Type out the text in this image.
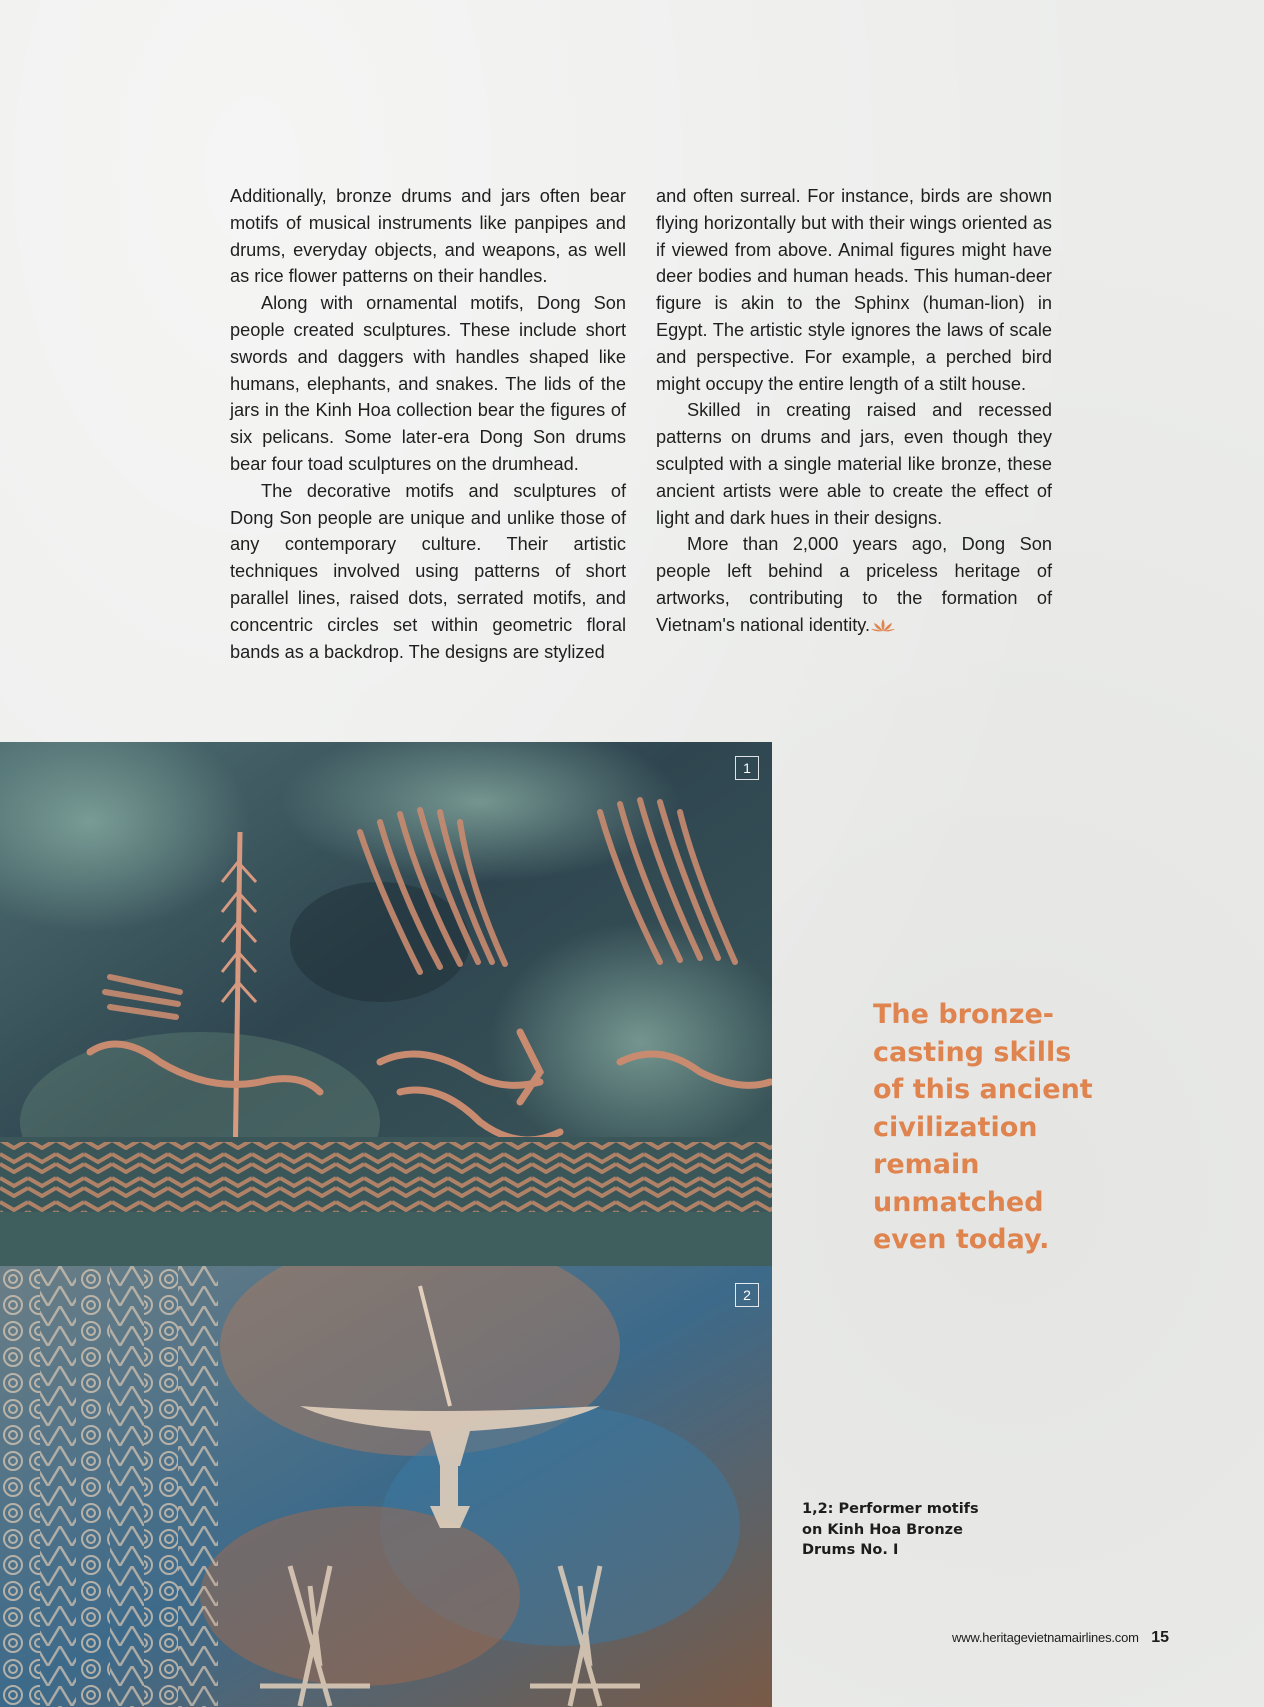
Additionally, bronze drums and jars often bear motifs of musical instruments like panpipes and drums, everyday objects, and weapons, as well as rice flower patterns on their handles.

Along with ornamental motifs, Dong Son people created sculptures. These include short swords and daggers with handles shaped like humans, elephants, and snakes. The lids of the jars in the Kinh Hoa collection bear the figures of six pelicans. Some later-era Dong Son drums bear four toad sculptures on the drumhead.

The decorative motifs and sculptures of Dong Son people are unique and unlike those of any contemporary culture. Their artistic techniques involved using patterns of short parallel lines, raised dots, serrated motifs, and concentric circles set within geometric floral bands as a backdrop. The designs are stylized

and often surreal. For instance, birds are shown flying horizontally but with their wings oriented as if viewed from above. Animal figures might have deer bodies and human heads. This human-deer figure is akin to the Sphinx (human-lion) in Egypt. The artistic style ignores the laws of scale and perspective. For example, a perched bird might occupy the entire length of a stilt house.

Skilled in creating raised and recessed patterns on drums and jars, even though they sculpted with a single material like bronze, these ancient artists were able to create the effect of light and dark hues in their designs.

More than 2,000 years ago, Dong Son people left behind a priceless heritage of artworks, contributing to the formation of Vietnam's national identity.

1
2
The bronze-
casting skills
of this ancient
civilization
remain
unmatched
even today.
1,2: Performer motifs
on Kinh Hoa Bronze
Drums No. I
www.heritagevietnamairlines.com 15
